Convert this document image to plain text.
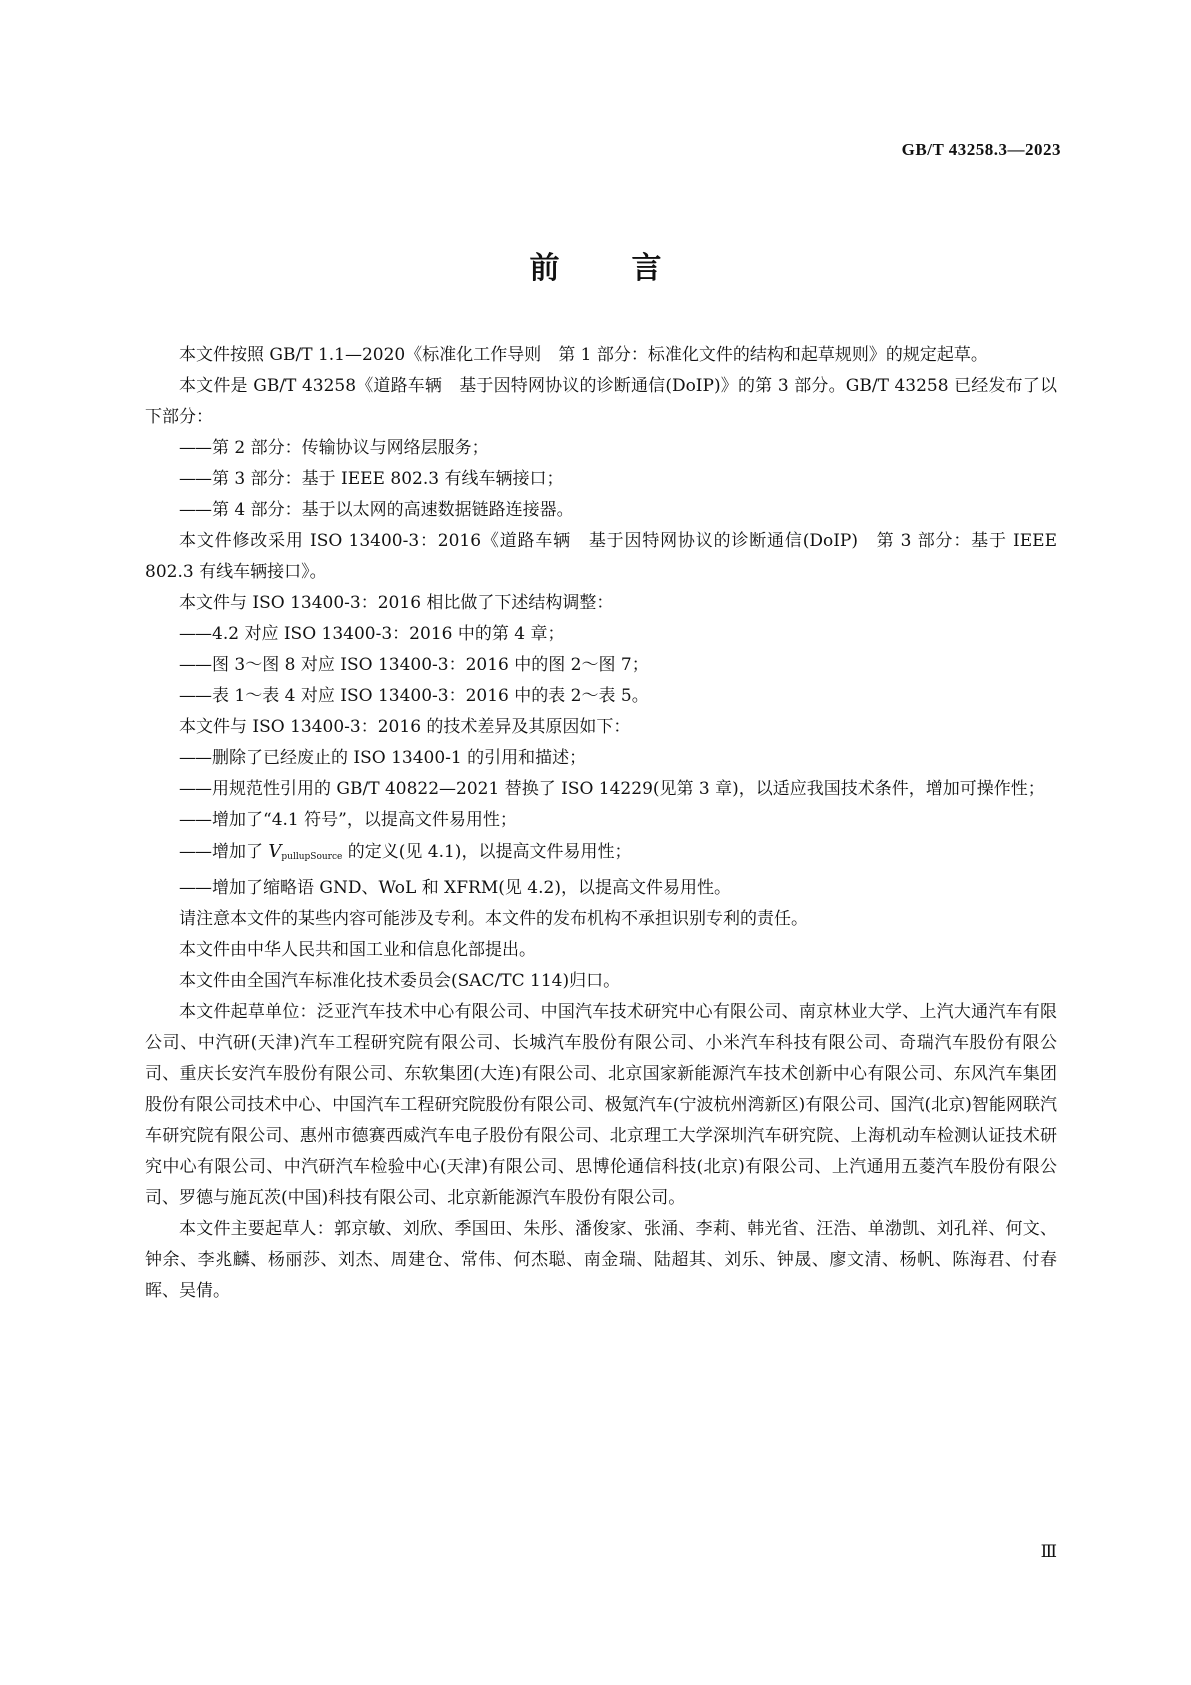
GB/T 43258.3—2023
前 言

本文件按照 GB/T 1.1—2020《标准化工作导则　第 1 部分：标准化文件的结构和起草规则》的规定起草。

本文件是 GB/T 43258《道路车辆　基于因特网协议的诊断通信(DoIP)》的第 3 部分。GB/T 43258 已经发布了以下部分：

—— 第 2 部分：传输协议与网络层服务；

—— 第 3 部分：基于 IEEE 802.3 有线车辆接口；

—— 第 4 部分：基于以太网的高速数据链路连接器。

本文件修改采用 ISO 13400-3：2016《道路车辆　基于因特网协议的诊断通信(DoIP)　第 3 部分：基于 IEEE 802.3 有线车辆接口》。

本文件与 ISO 13400-3：2016 相比做了下述结构调整：

—— 4.2 对应 ISO 13400-3：2016 中的第 4 章；

—— 图 3～图 8 对应 ISO 13400-3：2016 中的图 2～图 7；

—— 表 1～表 4 对应 ISO 13400-3：2016 中的表 2～表 5。

本文件与 ISO 13400-3：2016 的技术差异及其原因如下：

—— 删除了已经废止的 ISO 13400-1 的引用和描述；

—— 用规范性引用的 GB/T 40822—2021 替换了 ISO 14229(见第 3 章)，以适应我国技术条件，增加可操作性；

—— 增加了“4.1 符号”，以提高文件易用性；

—— 增加了 $V_{pullupSource}$ 的定义(见 4.1)，以提高文件易用性；

—— 增加了缩略语 GND、WoL 和 XFRM(见 4.2)，以提高文件易用性。

请注意本文件的某些内容可能涉及专利。本文件的发布机构不承担识别专利的责任。

本文件由中华人民共和国工业和信息化部提出。

本文件由全国汽车标准化技术委员会(SAC/TC 114)归口。

本文件起草单位：泛亚汽车技术中心有限公司、中国汽车技术研究中心有限公司、南京林业大学、上汽大通汽车有限公司、中汽研(天津)汽车工程研究院有限公司、长城汽车股份有限公司、小米汽车科技有限公司、奇瑞汽车股份有限公司、重庆长安汽车股份有限公司、东软集团(大连)有限公司、北京国家新能源汽车技术创新中心有限公司、东风汽车集团股份有限公司技术中心、中国汽车工程研究院股份有限公司、极氪汽车(宁波杭州湾新区)有限公司、国汽(北京)智能网联汽车研究院有限公司、惠州市德赛西威汽车电子股份有限公司、北京理工大学深圳汽车研究院、上海机动车检测认证技术研究中心有限公司、中汽研汽车检验中心(天津)有限公司、思博伦通信科技(北京)有限公司、上汽通用五菱汽车股份有限公司、罗德与施瓦茨(中国)科技有限公司、北京新能源汽车股份有限公司。

本文件主要起草人：郭京敏、刘欣、季国田、朱彤、潘俊家、张涌、李莉、韩光省、汪浩、单渤凯、刘孔祥、何文、钟余、李兆麟、杨丽莎、刘杰、周建仓、常伟、何杰聪、南金瑞、陆超其、刘乐、钟晟、廖文清、杨帆、陈海君、付春晖、吴倩。

Ⅲ
